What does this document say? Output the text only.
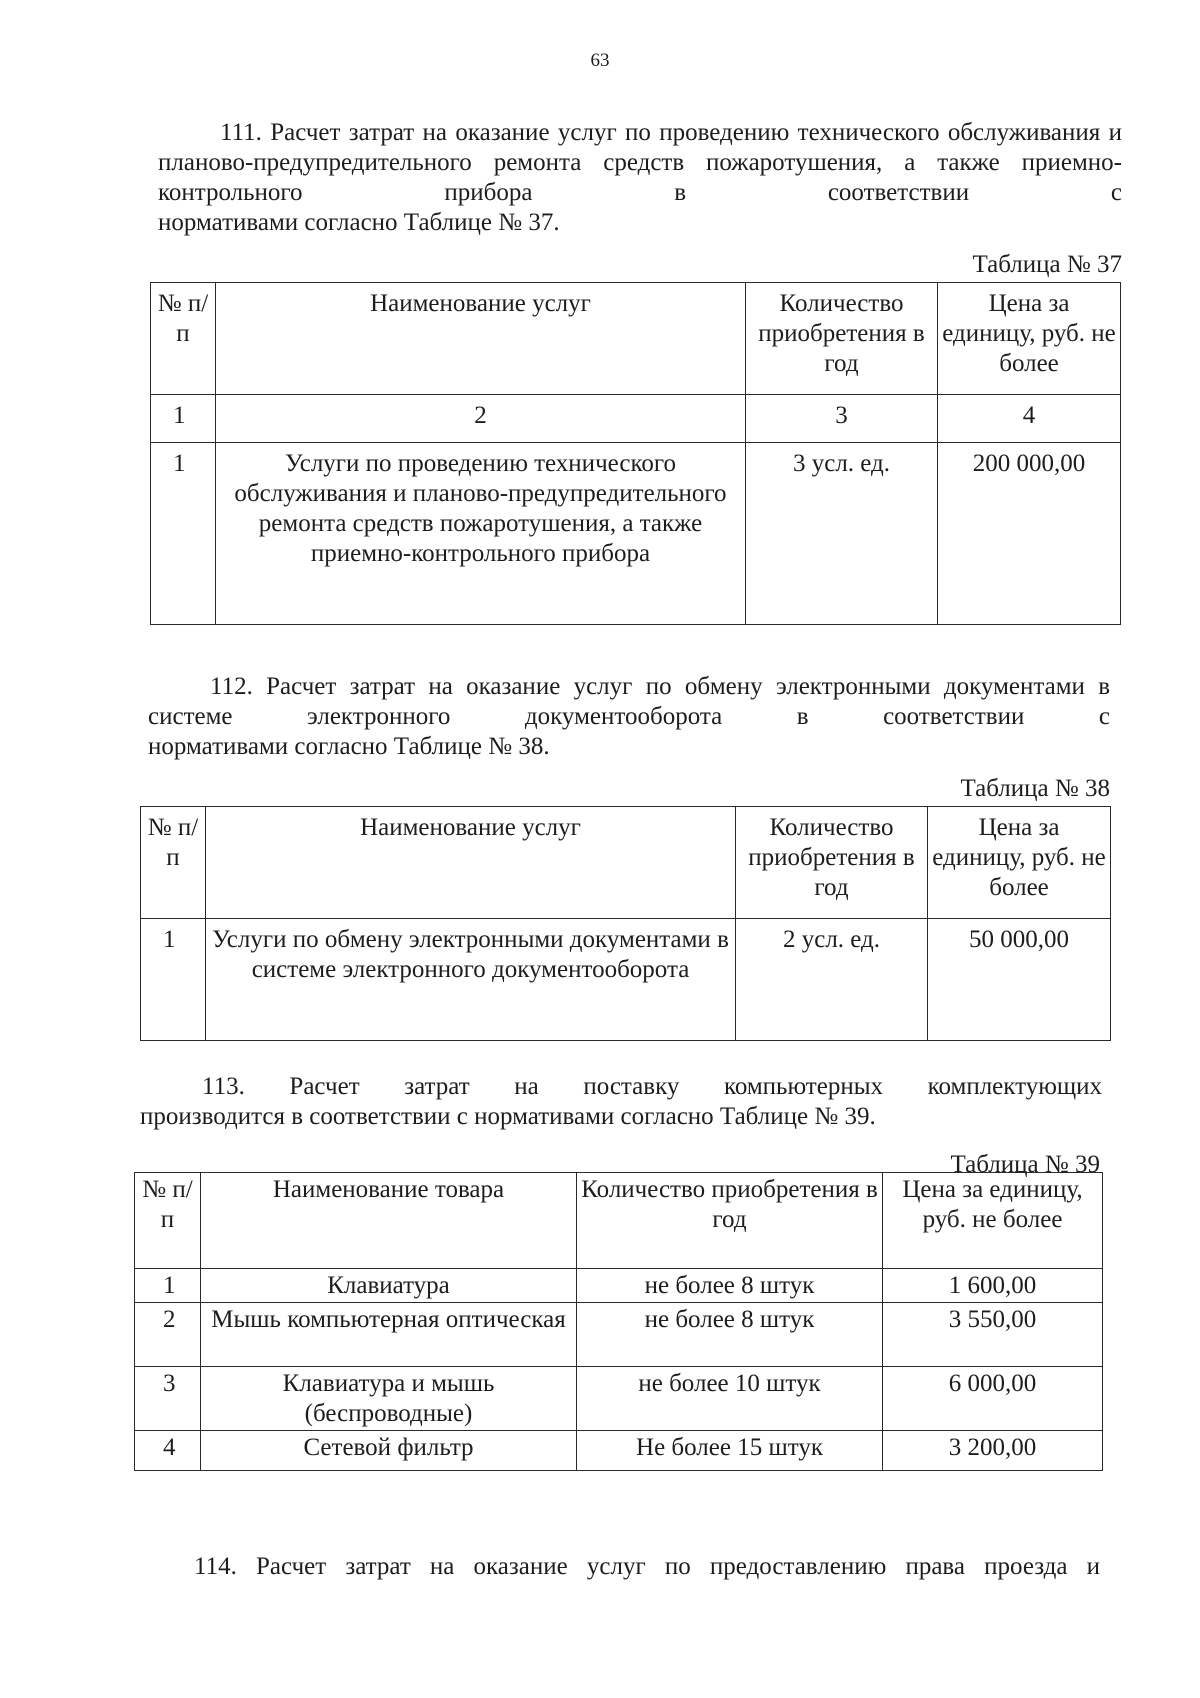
63
111. Расчет затрат на оказание услуг по проведению технического обслуживания и планово-предупредительного ремонта средств пожаротушения, а также приемно-контрольного прибора в соответствии с
нормативами согласно Таблице № 37.
Таблица № 37
№ п/п	Наименование услуг	Количество приобретения в год	Цена за единицу, руб. не более
1	2	3	4
1	Услуги по проведению технического обслуживания и планово-предупредительного ремонта средств пожаротушения, а также приемно-контрольного прибора	3 усл. ед.	200 000,00
112. Расчет затрат на оказание услуг по обмену электронными документами в системе электронного документооборота в соответствии с
нормативами согласно Таблице № 38.
Таблица № 38
№ п/п	Наименование услуг	Количество приобретения в год	Цена за единицу, руб. не более
1	Услуги по обмену электронными документами в системе электронного документооборота	2 усл. ед.	50 000,00
113. Расчет затрат на поставку компьютерных комплектующих
производится в соответствии с нормативами согласно Таблице № 39.
Таблица № 39
№ п/п	Наименование товара	Количество приобретения в год	Цена за единицу, руб. не более
1	Клавиатура	не более 8 штук	1 600,00
2	Мышь компьютерная оптическая	не более 8 штук	3 550,00
3	Клавиатура и мышь (беспроводные)	не более 10 штук	6 000,00
4	Сетевой фильтр	Не более 15 штук	3 200,00
114. Расчет затрат на оказание услуг по предоставлению права проезда и
